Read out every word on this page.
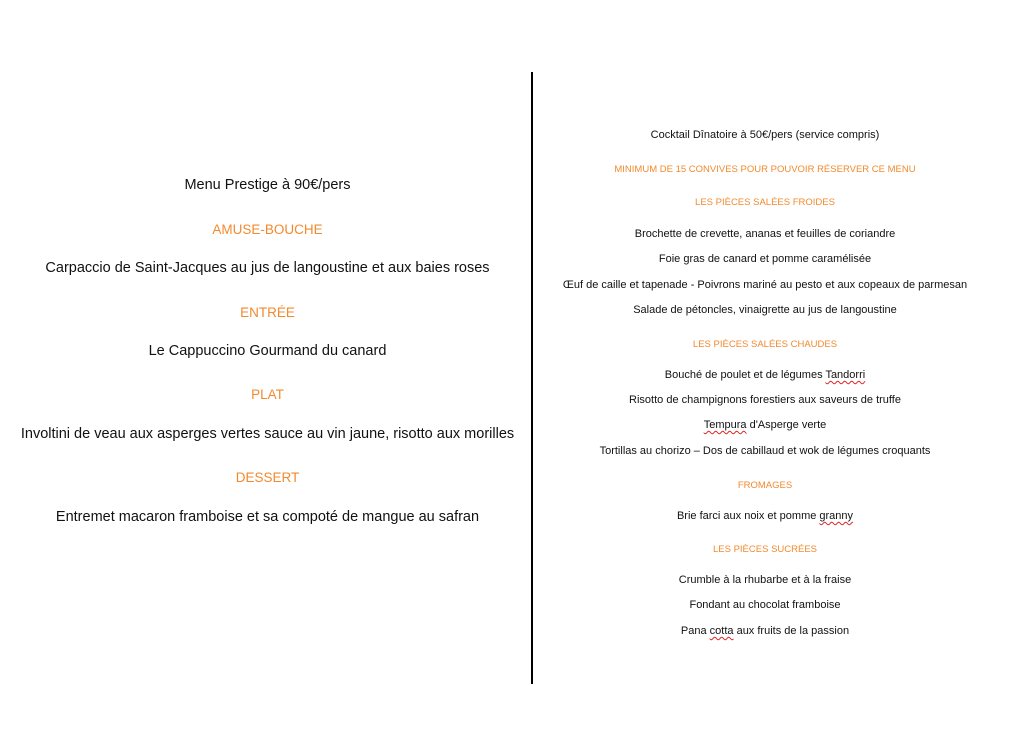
Menu Prestige à 90€/pers
AMUSE-BOUCHE
Carpaccio de Saint-Jacques au jus de langoustine et aux baies roses
ENTRÉE
Le Cappuccino Gourmand du canard
PLAT
Involtini de veau aux asperges vertes sauce au vin jaune, risotto aux morilles
DESSERT
Entremet macaron framboise et sa compoté de mangue au safran
Cocktail Dînatoire à 50€/pers (service compris)
MINIMUM DE 15 CONVIVES POUR POUVOIR RÉSERVER CE MENU
LES PIÈCES SALÉES FROIDES
Brochette de crevette, ananas et feuilles de coriandre
Foie gras de canard et pomme caramélisée
Œuf de caille et tapenade - Poivrons mariné au pesto et aux copeaux de parmesan
Salade de pétoncles, vinaigrette au jus de langoustine
LES PIÈCES SALÉES CHAUDES
Bouché de poulet et de légumes Tandorri
Risotto de champignons forestiers aux saveurs de truffe
Tempura d'Asperge verte
Tortillas au chorizo – Dos de cabillaud et wok de légumes croquants
FROMAGES
Brie farci aux noix et pomme granny
LES PIÈCES SUCRÉES
Crumble à la rhubarbe et à la fraise
Fondant au chocolat framboise
Pana cotta aux fruits de la passion
